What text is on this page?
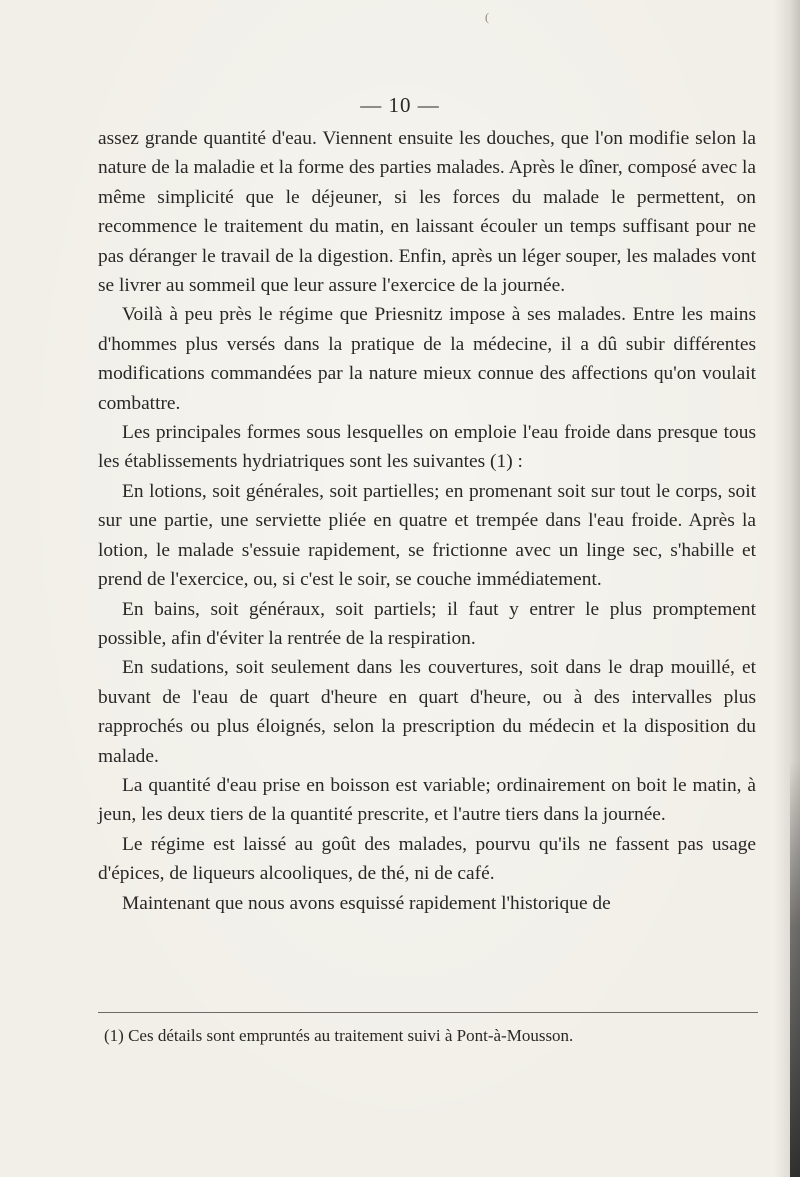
(
— 10 —

assez grande quantité d'eau. Viennent ensuite les douches, que l'on modifie selon la nature de la maladie et la forme des parties malades. Après le dîner, composé avec la même simplicité que le déjeuner, si les forces du malade le permettent, on recommence le traitement du matin, en laissant écouler un temps suffisant pour ne pas déranger le travail de la digestion. Enfin, après un léger souper, les malades vont se livrer au sommeil que leur assure l'exercice de la journée.

Voilà à peu près le régime que Priesnitz impose à ses malades. Entre les mains d'hommes plus versés dans la pratique de la médecine, il a dû subir différentes modifications commandées par la nature mieux connue des affections qu'on voulait combattre.

Les principales formes sous lesquelles on emploie l'eau froide dans presque tous les établissements hydriatriques sont les suivantes (1) :

En lotions, soit générales, soit partielles; en promenant soit sur tout le corps, soit sur une partie, une serviette pliée en quatre et trempée dans l'eau froide. Après la lotion, le malade s'essuie rapidement, se frictionne avec un linge sec, s'habille et prend de l'exercice, ou, si c'est le soir, se couche immédiatement.

En bains, soit généraux, soit partiels; il faut y entrer le plus promptement possible, afin d'éviter la rentrée de la respiration.

En sudations, soit seulement dans les couvertures, soit dans le drap mouillé, et buvant de l'eau de quart d'heure en quart d'heure, ou à des intervalles plus rapprochés ou plus éloignés, selon la prescription du médecin et la disposition du malade.

La quantité d'eau prise en boisson est variable; ordinairement on boit le matin, à jeun, les deux tiers de la quantité prescrite, et l'autre tiers dans la journée.

Le régime est laissé au goût des malades, pourvu qu'ils ne fassent pas usage d'épices, de liqueurs alcooliques, de thé, ni de café.

Maintenant que nous avons esquissé rapidement l'historique de

(1) Ces détails sont empruntés au traitement suivi à Pont-à-Mousson.
